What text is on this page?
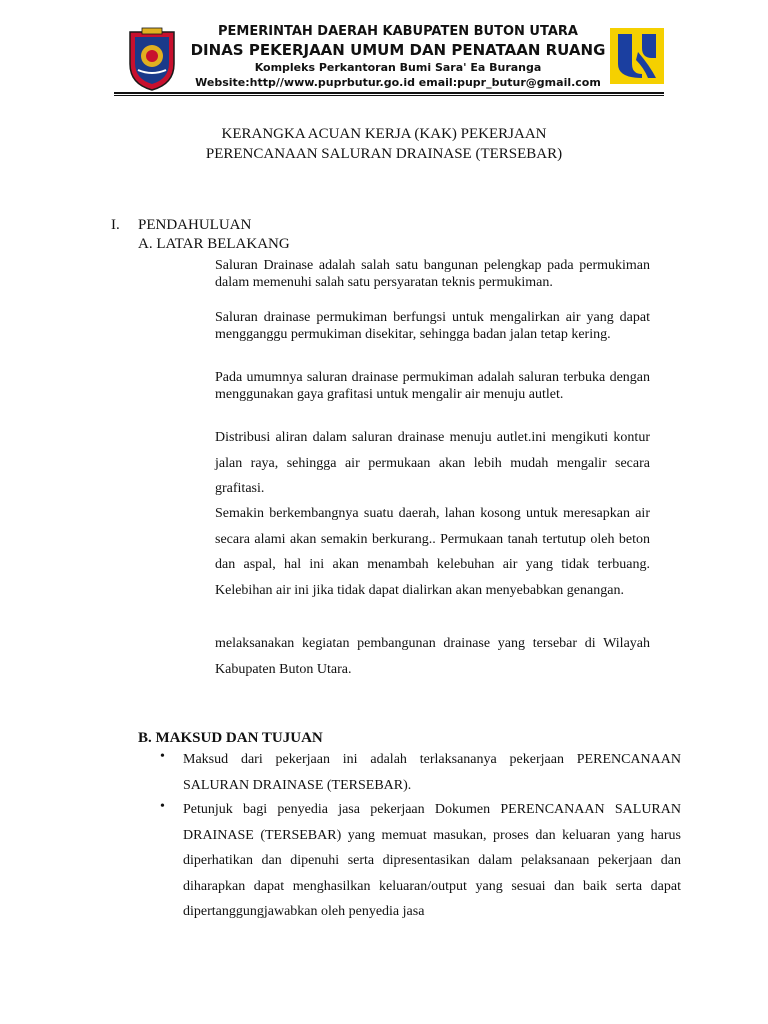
PEMERINTAH DAERAH KABUPATEN BUTON UTARA
DINAS PEKERJAAN UMUM DAN PENATAAN RUANG
Kompleks Perkantoran Bumi Sara' Ea Buranga
Website:http//www.puprbutur.go.id email:pupr_butur@gmail.com
KERANGKA ACUAN KERJA (KAK) PEKERJAAN
PERENCANAAN SALURAN DRAINASE (TERSEBAR)
I. PENDAHULUAN
A. LATAR BELAKANG
Saluran Drainase adalah salah satu bangunan pelengkap pada permukiman dalam memenuhi salah satu persyaratan teknis permukiman.
Saluran drainase permukiman berfungsi untuk mengalirkan air yang dapat mengganggu permukiman disekitar, sehingga badan jalan tetap kering.
Pada umumnya saluran drainase permukiman adalah saluran terbuka dengan menggunakan gaya grafitasi untuk mengalir air menuju autlet.
Distribusi aliran dalam saluran drainase menuju autlet.ini mengikuti kontur jalan raya, sehingga air permukaan akan lebih mudah mengalir secara grafitasi.
Semakin berkembangnya suatu daerah, lahan kosong untuk meresapkan air secara alami akan semakin berkurang.. Permukaan tanah tertutup oleh beton dan aspal, hal ini akan menambah kelebuhan air yang tidak terbuang. Kelebihan air ini jika tidak dapat dialirkan akan menyebabkan genangan.
melaksanakan kegiatan pembangunan drainase yang tersebar di Wilayah Kabupaten Buton Utara.
B. MAKSUD DAN TUJUAN
• Maksud dari pekerjaan ini adalah terlaksananya pekerjaan PERENCANAAN SALURAN DRAINASE (TERSEBAR).
• Petunjuk bagi penyedia jasa pekerjaan Dokumen PERENCANAAN SALURAN DRAINASE (TERSEBAR) yang memuat masukan, proses dan keluaran yang harus diperhatikan dan dipenuhi serta dipresentasikan dalam pelaksanaan pekerjaan dan diharapkan dapat menghasilkan keluaran/output yang sesuai dan baik serta dapat dipertanggungjawabkan oleh penyedia jasa
